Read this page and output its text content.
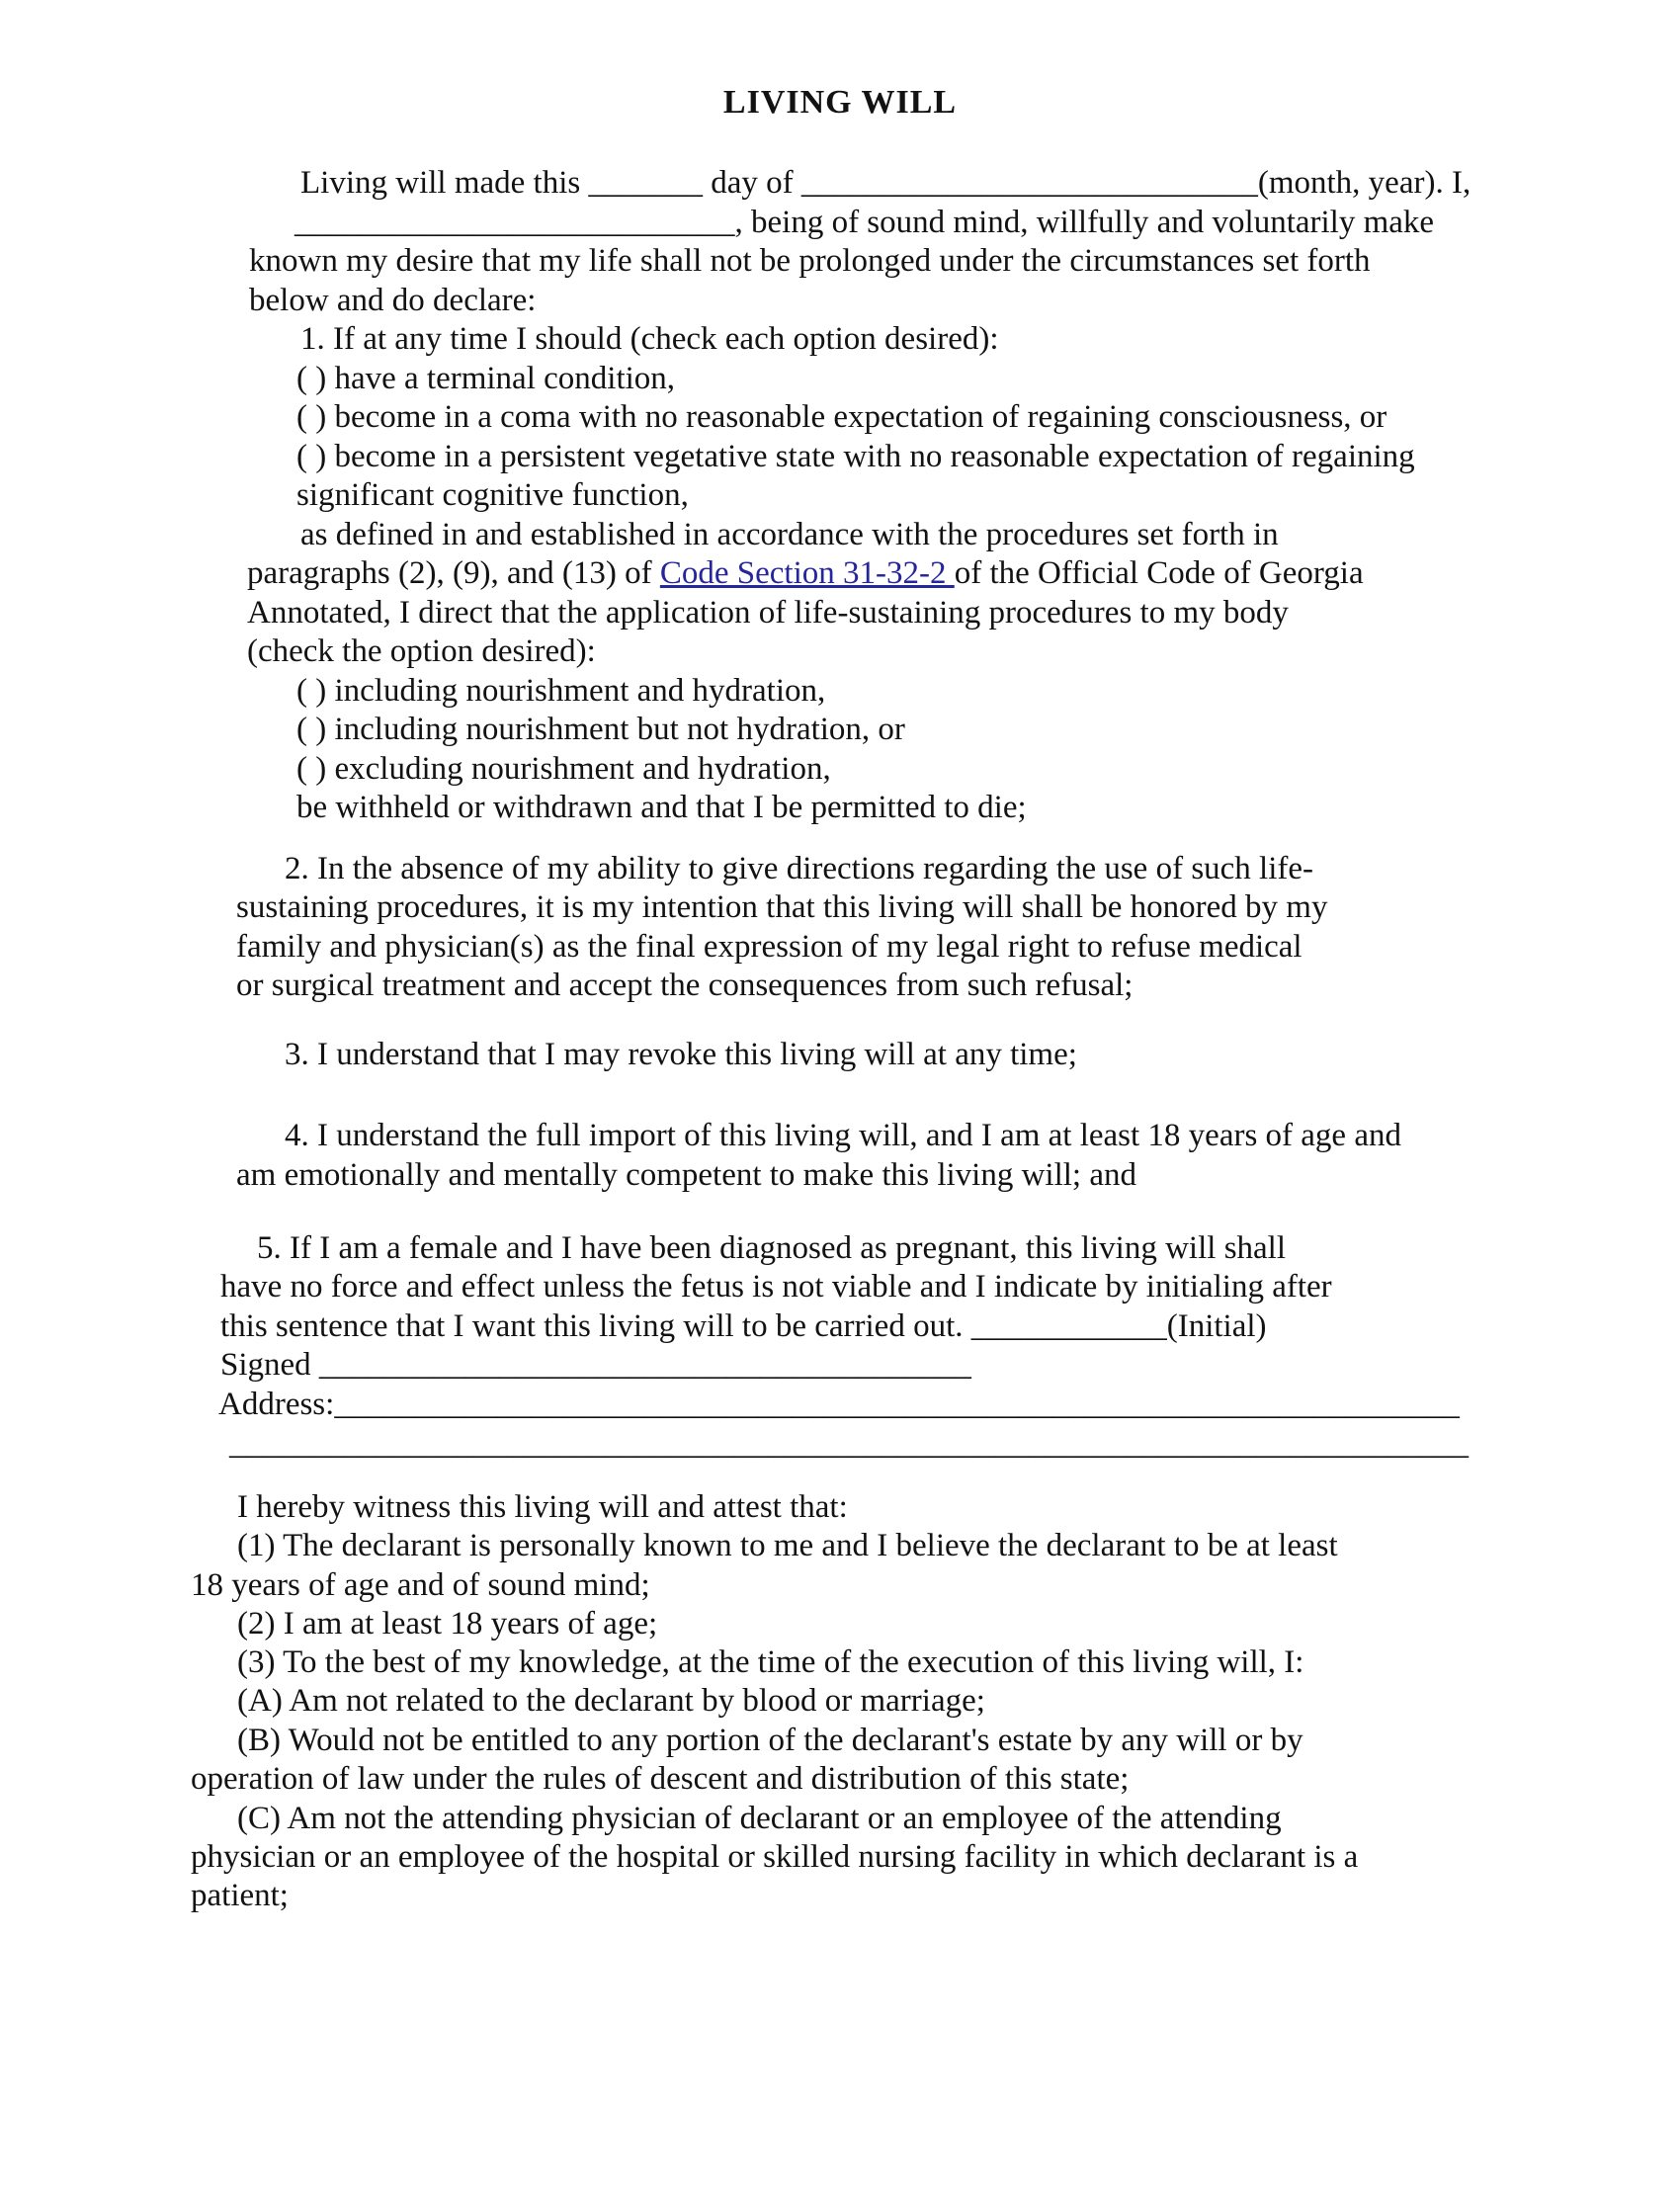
LIVING WILL
Living will made this _______ day of ____________________________(month, year). I,
___________________________, being of sound mind, willfully and voluntarily make
known my desire that my life shall not be prolonged under the circumstances set forth
below and do declare:
1. If at any time I should (check each option desired):
( ) have a terminal condition,
( ) become in a coma with no reasonable expectation of regaining consciousness, or
( ) become in a persistent vegetative state with no reasonable expectation of regaining
significant cognitive function,
as defined in and established in accordance with the procedures set forth in
paragraphs (2), (9), and (13) of Code Section 31-32-2 of the Official Code of Georgia
Annotated, I direct that the application of life-sustaining procedures to my body
(check the option desired):
( ) including nourishment and hydration,
( ) including nourishment but not hydration, or
( ) excluding nourishment and hydration,
be withheld or withdrawn and that I be permitted to die;
2. In the absence of my ability to give directions regarding the use of such life-
sustaining procedures, it is my intention that this living will shall be honored by my
family and physician(s) as the final expression of my legal right to refuse medical
or surgical treatment and accept the consequences from such refusal;
3. I understand that I may revoke this living will at any time;
4. I understand the full import of this living will, and I am at least 18 years of age and
am emotionally and mentally competent to make this living will; and
5. If I am a female and I have been diagnosed as pregnant, this living will shall
have no force and effect unless the fetus is not viable and I indicate by initialing after
this sentence that I want this living will to be carried out. ____________(Initial)
Signed ________________________________________
Address:_____________________________________________________________________
____________________________________________________________________________
I hereby witness this living will and attest that:
(1) The declarant is personally known to me and I believe the declarant to be at least
18 years of age and of sound mind;
(2) I am at least 18 years of age;
(3) To the best of my knowledge, at the time of the execution of this living will, I:
(A) Am not related to the declarant by blood or marriage;
(B) Would not be entitled to any portion of the declarant's estate by any will or by
operation of law under the rules of descent and distribution of this state;
(C) Am not the attending physician of declarant or an employee of the attending
physician or an employee of the hospital or skilled nursing facility in which declarant is a
patient;
